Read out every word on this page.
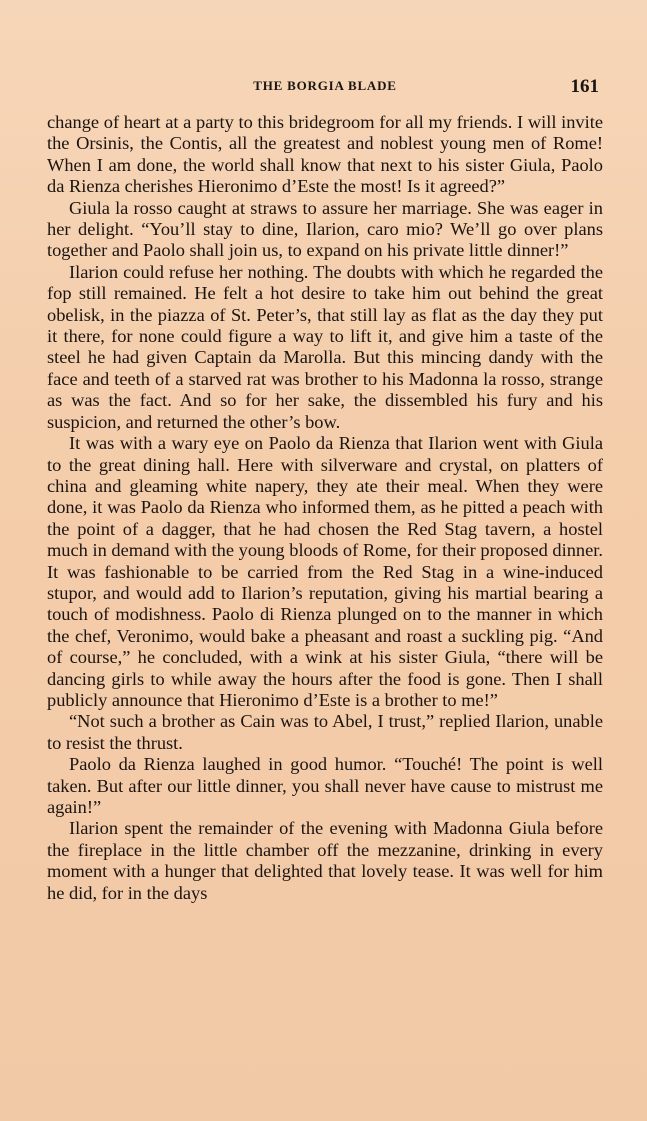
THE BORGIA BLADE	161

change of heart at a party to this bridegroom for all my friends. I will invite the Orsinis, the Contis, all the greatest and noblest young men of Rome! When I am done, the world shall know that next to his sister Giula, Paolo da Rienza cherishes Hieronimo d’Este the most! Is it agreed?”

Giula la rosso caught at straws to assure her marriage. She was eager in her delight. “You’ll stay to dine, Ilarion, caro mio? We’ll go over plans together and Paolo shall join us, to expand on his private little dinner!”

Ilarion could refuse her nothing. The doubts with which he regarded the fop still remained. He felt a hot desire to take him out behind the great obelisk, in the piazza of St. Peter’s, that still lay as flat as the day they put it there, for none could figure a way to lift it, and give him a taste of the steel he had given Captain da Marolla. But this mincing dandy with the face and teeth of a starved rat was brother to his Madonna la rosso, strange as was the fact. And so for her sake, the dissembled his fury and his suspicion, and returned the other’s bow.

It was with a wary eye on Paolo da Rienza that Ilarion went with Giula to the great dining hall. Here with silverware and crystal, on platters of china and gleaming white napery, they ate their meal. When they were done, it was Paolo da Rienza who informed them, as he pitted a peach with the point of a dagger, that he had chosen the Red Stag tavern, a hostel much in demand with the young bloods of Rome, for their proposed dinner. It was fashionable to be carried from the Red Stag in a wine-induced stupor, and would add to Ilarion’s reputation, giving his martial bearing a touch of modishness. Paolo di Rienza plunged on to the manner in which the chef, Veronimo, would bake a pheasant and roast a suckling pig. “And of course,” he concluded, with a wink at his sister Giula, “there will be dancing girls to while away the hours after the food is gone. Then I shall publicly announce that Hieronimo d’Este is a brother to me!”

“Not such a brother as Cain was to Abel, I trust,” replied Ilarion, unable to resist the thrust.

Paolo da Rienza laughed in good humor. “Touché! The point is well taken. But after our little dinner, you shall never have cause to mistrust me again!”

Ilarion spent the remainder of the evening with Madonna Giula before the fireplace in the little chamber off the mezzanine, drinking in every moment with a hunger that delighted that lovely tease. It was well for him he did, for in the days
